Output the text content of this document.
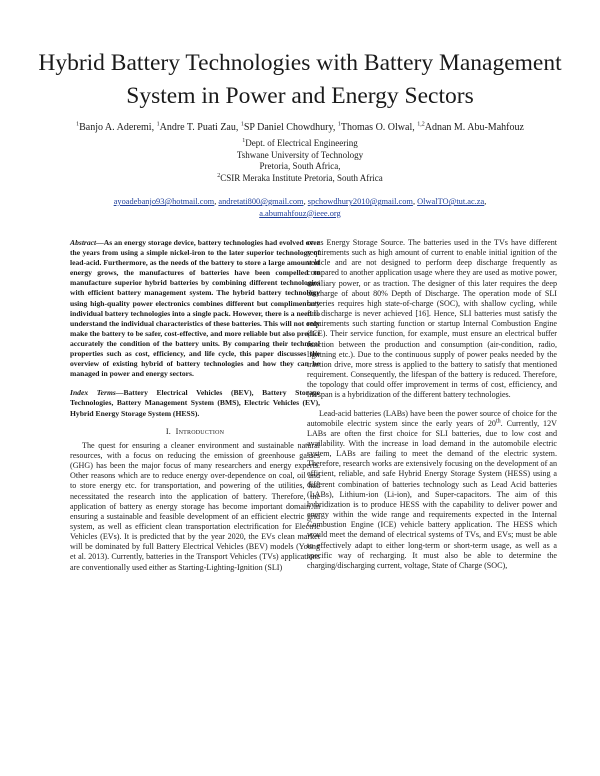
Hybrid Battery Technologies with Battery Management
System in Power and Energy Sectors
$^1$Banjo A. Aderemi, $^1$Andre T. Puati Zau, $^1$SP Daniel Chowdhury, $^1$Thomas O. Olwal, $^{1,2}$Adnan M. Abu-Mahfouz
$^1$Dept. of Electrical Engineering
Tshwane University of Technology
Pretoria, South Africa,
$^2$CSIR Meraka Institute Pretoria, South Africa
ayoadebanjo93@hotmail.com, andretati800@gmail.com, spchowdhury2010@gmail.com, OlwalTO@tut.ac.za,
a.abumahfouz@ieee.org

Abstract—As an energy storage device, battery technologies had evolved over the years from using a simple nickel-iron to the later superior technology of lead-acid. Furthermore, as the needs of the battery to store a large amount of energy grows, the manufactures of batteries have been compelled to manufacture superior hybrid batteries by combining different technologies with efficient battery management system. The hybrid battery technology using high-quality power electronics combines different but complimentary individual battery technologies into a single pack. However, there is a need to understand the individual characteristics of these batteries. This will not only make the battery to be safer, cost-effective, and more reliable but also predict accurately the condition of the battery units. By comparing their technical properties such as cost, efficiency, and life cycle, this paper discusses the overview of existing hybrid of battery technologies and how they can be managed in power and energy sectors.

Index Terms—Battery Electrical Vehicles (BEV), Battery Storage Technologies, Battery Management System (BMS), Electric Vehicles (EV), Hybrid Energy Storage System (HESS).

I. Introduction

The quest for ensuring a cleaner environment and sustainable natural resources, with a focus on reducing the emission of greenhouse gasses (GHG) has been the major focus of many researchers and energy experts. Other reasons which are to reduce energy over-dependence on coal, oil and to store energy etc. for transportation, and powering of the utilities, had necessitated the research into the application of battery. Therefore, the application of battery as energy storage has become important domain in ensuring a sustainable and feasible development of an efficient electric grid system, as well as efficient clean transportation electrification for Electric Vehicles (EVs). It is predicted that by the year 2020, the EVs clean market will be dominated by full Battery Electrical Vehicles (BEV) models (Young et al. 2013). Currently, batteries in the Transport Vehicles (TVs) applications are conventionally used either as Starting-Lighting-Ignition (SLI)

or as Energy Storage Source. The batteries used in the TVs have different requirements such as high amount of current to enable initial ignition of the vehicle and are not designed to perform deep discharge frequently as compared to another application usage where they are used as motive power, auxiliary power, or as traction. The designer of this later requires the deep discharge of about 80% Depth of Discharge. The operation mode of SLI batteries requires high state-of-charge (SOC), with shallow cycling, while full discharge is never achieved [16]. Hence, SLI batteries must satisfy the requirements such starting function or startup Internal Combustion Engine (ICE). Their service function, for example, must ensure an electrical buffer function between the production and consumption (air-condition, radio, lightning etc.). Due to the continuous supply of power peaks needed by the traction drive, more stress is applied to the battery to satisfy that mentioned requirement. Consequently, the lifespan of the battery is reduced. Therefore, the topology that could offer improvement in terms of cost, efficiency, and lifespan is a hybridization of the different battery technologies.

Lead-acid batteries (LABs) have been the power source of choice for the automobile electric system since the early years of 20th. Currently, 12V LABs are often the first choice for SLI batteries, due to low cost and availability. With the increase in load demand in the automobile electric system, LABs are failing to meet the demand of the electric system. Therefore, research works are extensively focusing on the development of an efficient, reliable, and safe Hybrid Energy Storage System (HESS) using a different combination of batteries technology such as Lead Acid batteries (LABs), Lithium-ion (Li-ion), and Super-capacitors. The aim of this hybridization is to produce HESS with the capability to deliver power and energy within the wide range and requirements expected in the Internal Combustion Engine (ICE) vehicle battery application. The HESS which would meet the demand of electrical systems of TVs, and EVs; must be able to effectively adapt to either long-term or short-term usage, as well as a specific way of recharging. It must also be able to determine the charging/discharging current, voltage, State of Charge (SOC),
